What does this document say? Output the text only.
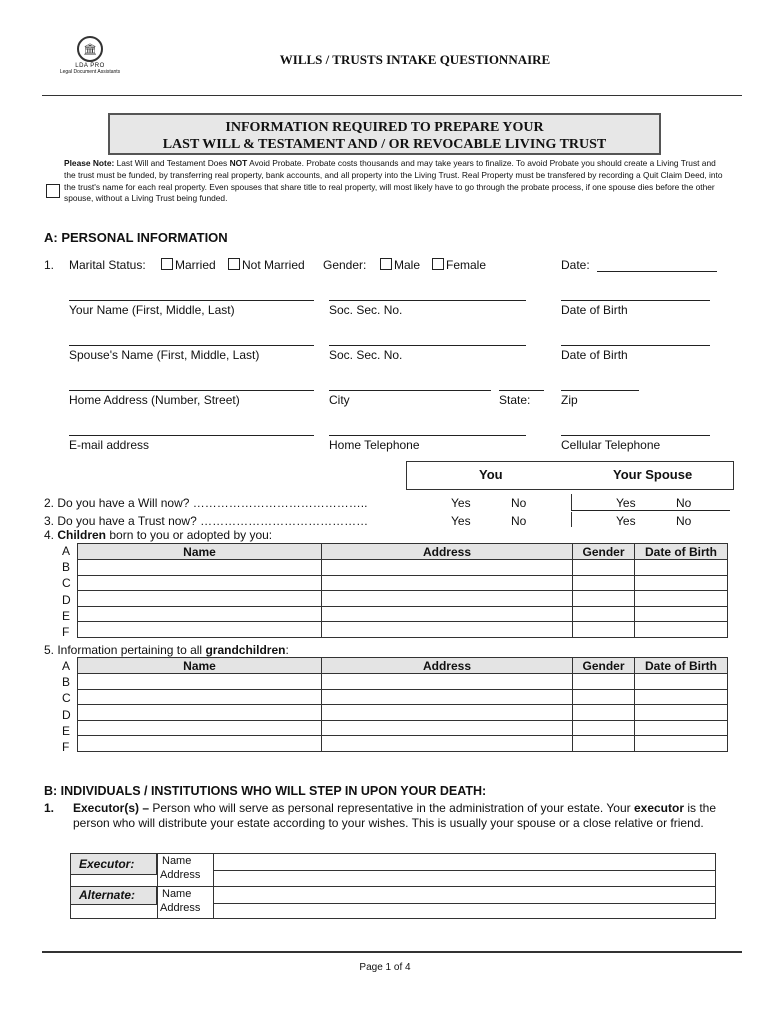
🏛
LDA PRO
Legal Document Assistants
WILLS / TRUSTS INTAKE QUESTIONNAIRE
INFORMATION REQUIRED TO PREPARE YOUR
LAST WILL & TESTAMENT AND / OR REVOCABLE LIVING TRUST
Please Note: Last Will and Testament Does NOT Avoid Probate. Probate costs thousands and may take years to finalize. To avoid Probate you should create a Living Trust and the trust must be funded, by transferring real property, bank accounts, and all property into the Living Trust. Real Property must be transfered by recording a Quit Claim Deed, into the trust's name for each real property. Even spouses that share title to real property, will most likely have to go through the probate process, if one spouse dies before the other spouse, without a Living Trust being funded.
A: PERSONAL INFORMATION
1. Marital Status:	Married	Not Married Gender:	Male	Female	Date:
Your Name (First, Middle, Last)	Soc. Sec. No.	Date of Birth
Spouse's Name (First, Middle, Last)	Soc. Sec. No.	Date of Birth
Home Address (Number, Street)	City	State:	Zip
E-mail address	Home Telephone	Cellular Telephone
You	Your Spouse
2. Do you have a Will now? ……………………………………..	Yes	No	Yes	No
3. Do you have a Trust now? ……………………………………	Yes	No	Yes	No
4. Children born to you or adopted by you:
A
B
C
D
E
F
Name	Address	Gender	Date of Birth

5. Information pertaining to all grandchildren:
A
B
C
D
E
F
Name	Address	Gender	Date of Birth

B: INDIVIDUALS / INSTITUTIONS WHO WILL STEP IN UPON YOUR DEATH:
1. Executor(s) – Person who will serve as personal representative in the administration of your estate. Your executor is the person who will distribute your estate according to your wishes. This is usually your spouse or a close relative or friend.
Executor:	Name
Address
Alternate: Name
Address
Page 1 of 4
